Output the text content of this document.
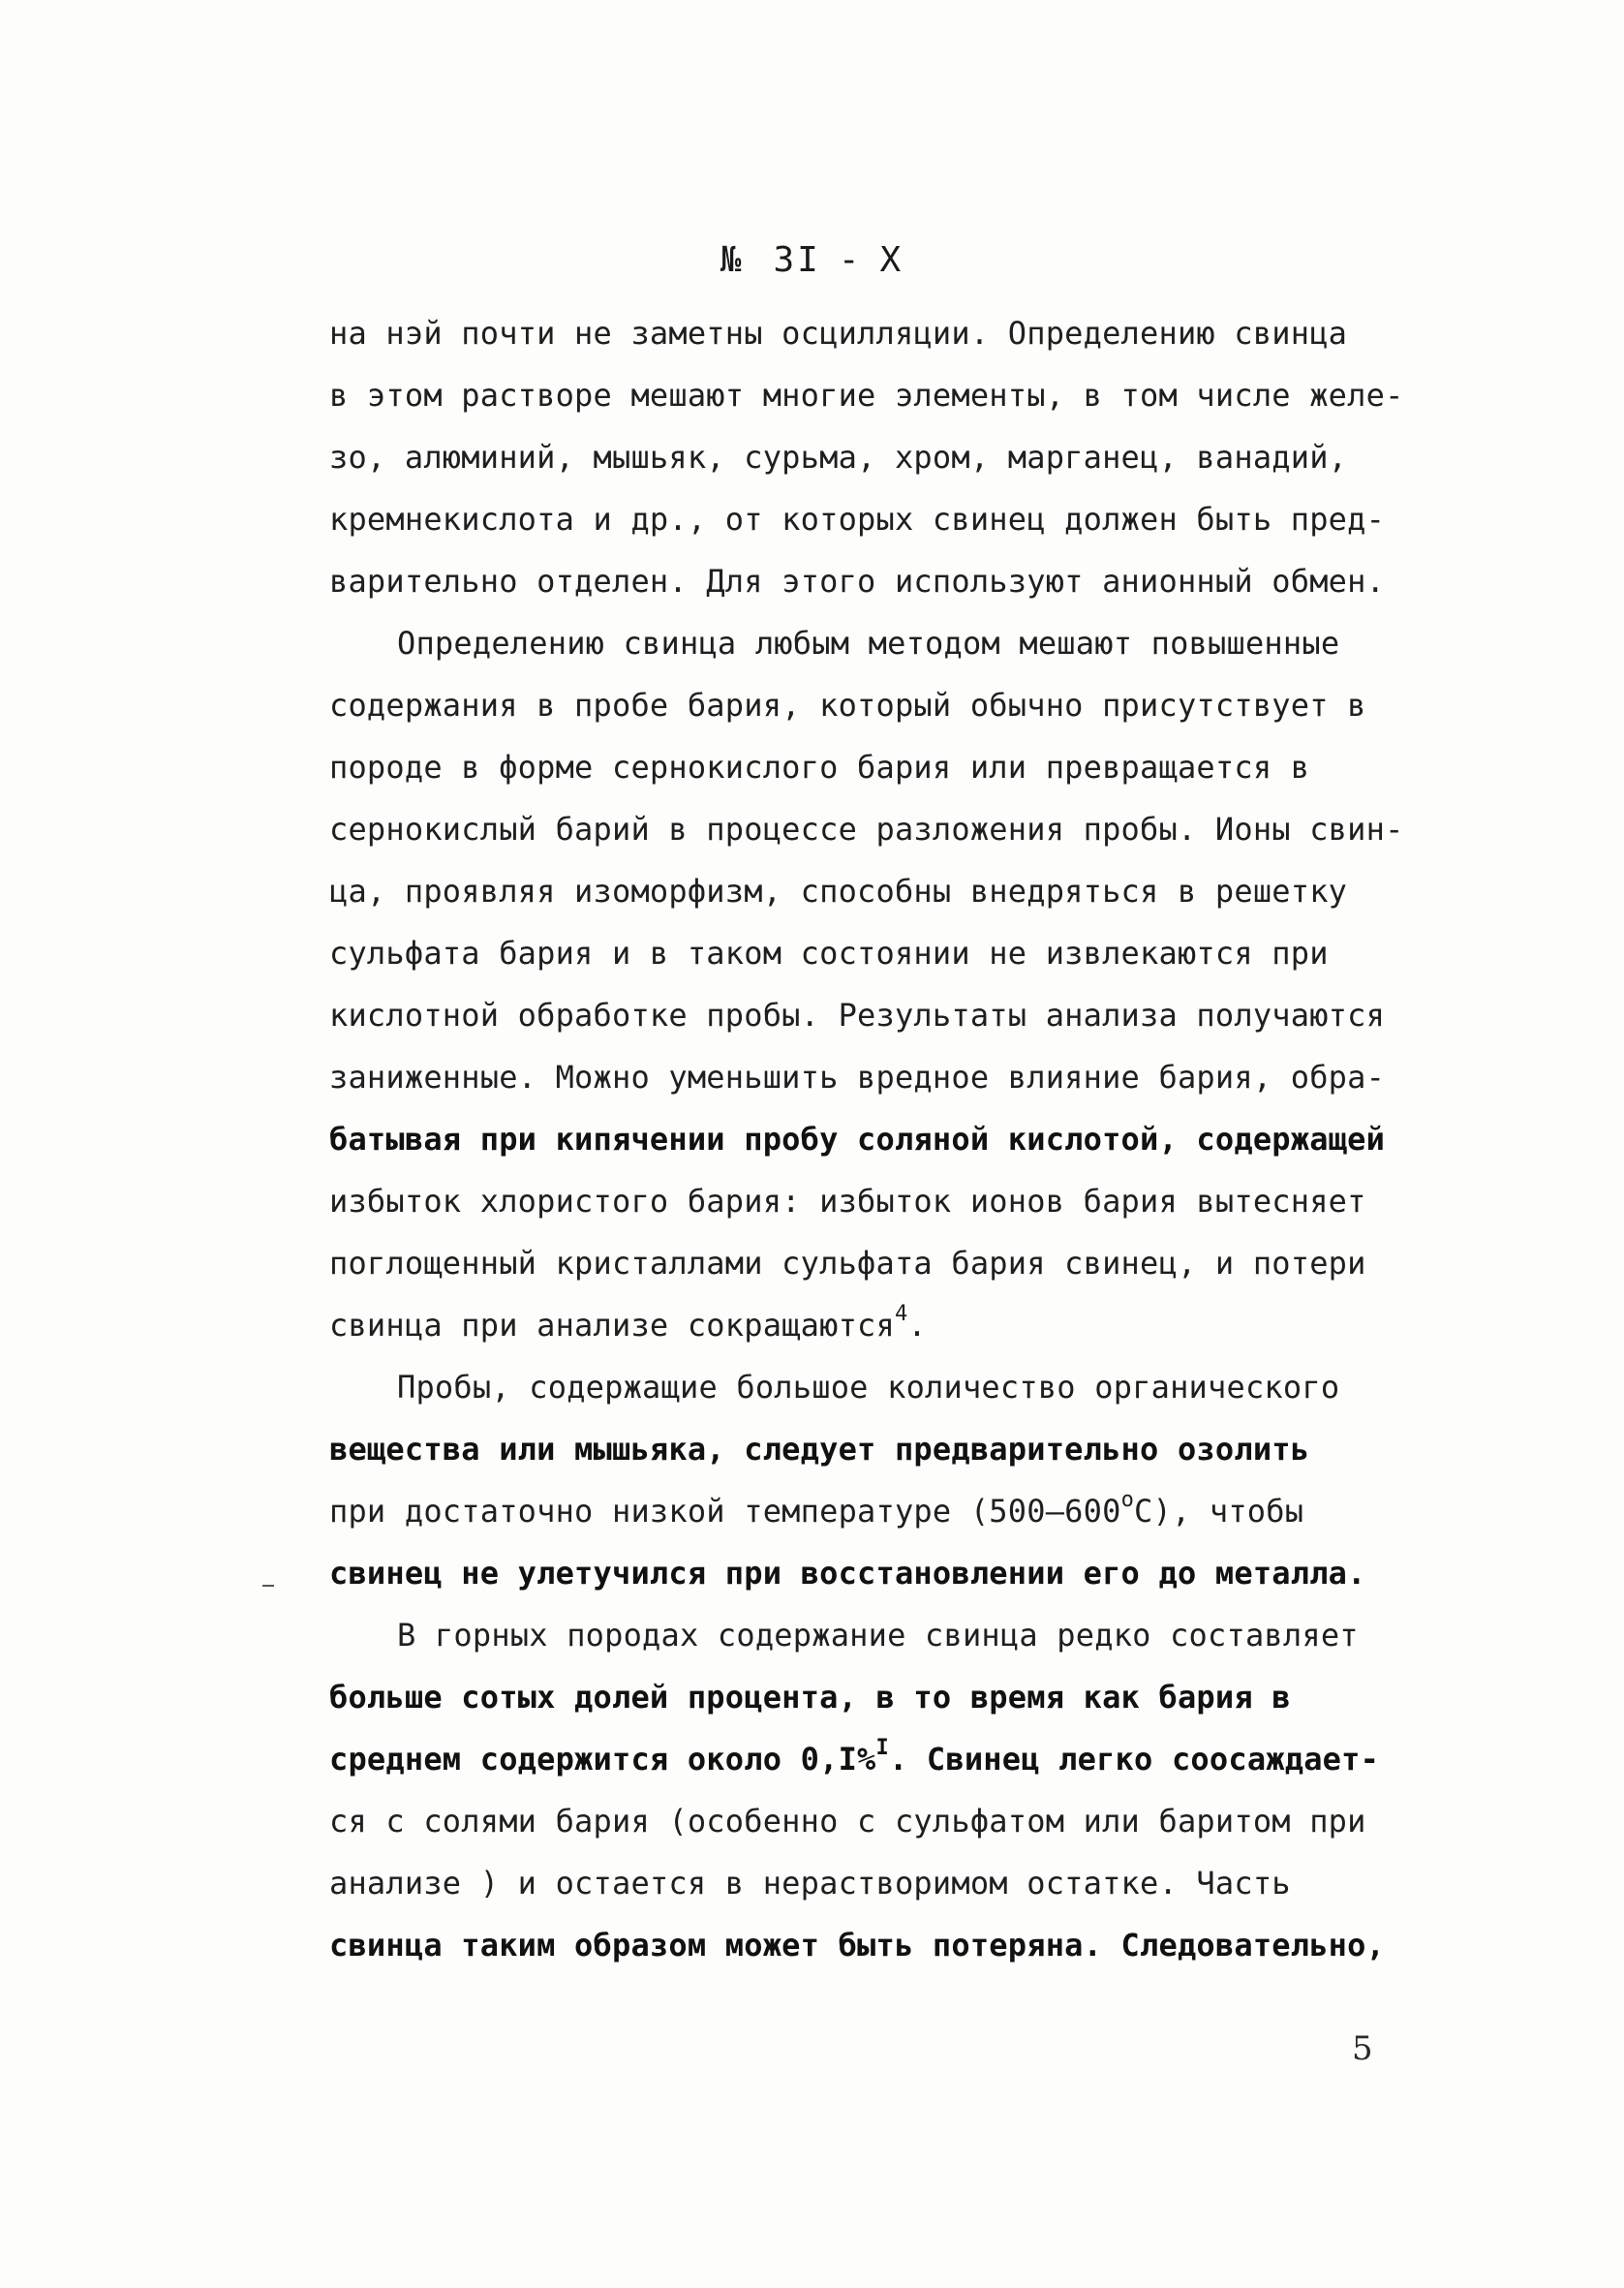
№ 3I - X
на нэй почти не заметны осцилляции. Определению свинца
в этом растворе мешают многие элементы, в том числе желе-
зо, алюминий, мышьяк, сурьма, хром, марганец, ванадий,
кремнекислота и др., от которых свинец должен быть пред-
варительно отделен. Для этого используют анионный обмен.
Определению свинца любым методом мешают повышенные
содержания в пробе бария, который обычно присутствует в
породе в форме сернокислого бария или превращается в
сернокислый барий в процессе разложения пробы. Ионы свин-
ца, проявляя изоморфизм, способны внедряться в решетку
сульфата бария и в таком состоянии не извлекаются при
кислотной обработке пробы. Результаты анализа получаются
заниженные. Можно уменьшить вредное влияние бария, обра-
батывая при кипячении пробу соляной кислотой, содержащей
избыток хлористого бария: избыток ионов бария вытесняет
поглощенный кристаллами сульфата бария свинец, и потери
свинца при анализе сокращаются$^4$.
Пробы, содержащие большое количество органического
вещества или мышьяка, следует предварительно озолить
при достаточно низкой температуре $(500-600^оС)$, чтобы
свинец не улетучился при восстановлении его до металла.
В горных породах содержание свинца редко составляет
больше сотых долей процента, в то время как бария в
среднем содержится около 0,I%$^I$. Свинец легко соосаждает-
ся с солями бария (особенно с сульфатом или баритом при
анализе ) и остается в нерастворимом остатке. Часть
свинца таким образом может быть потеряна. Следовательно,
5
